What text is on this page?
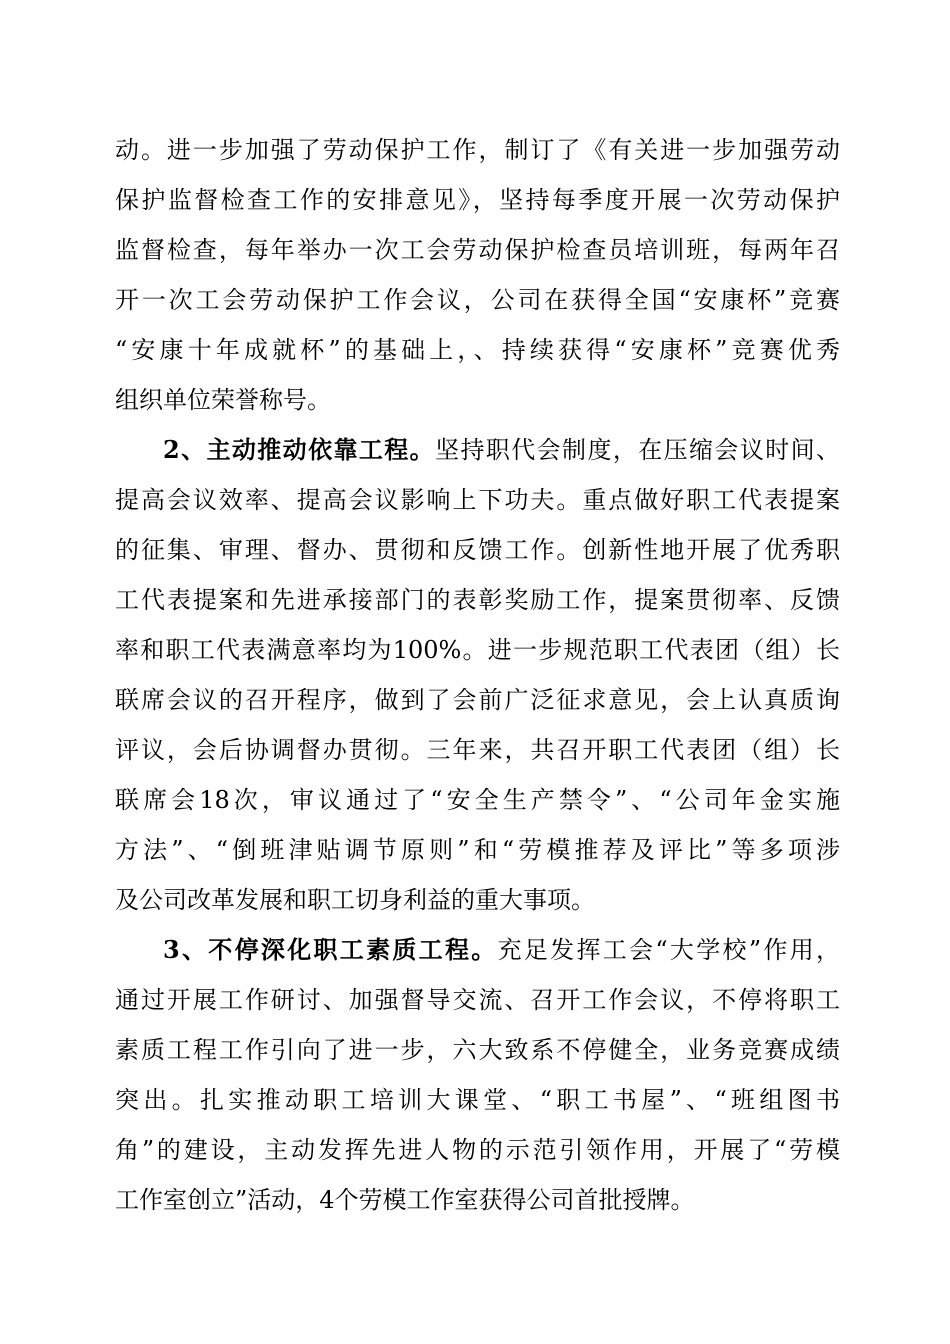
动。进一步加强了劳动保护工作，制订了《有关进一步加强劳动
保护监督检查工作的安排意见》，坚持每季度开展一次劳动保护
监督检查，每年举办一次工会劳动保护检查员培训班，每两年召
开一次工会劳动保护工作会议，公司在获得全国“安康杯”竞赛
“安康十年成就杯”的基础上，、持续获得“安康杯”竞赛优秀
组织单位荣誉称号。
2、主动推动依靠工程。坚持职代会制度，在压缩会议时间、
提高会议效率、提高会议影响上下功夫。重点做好职工代表提案
的征集、审理、督办、贯彻和反馈工作。创新性地开展了优秀职
工代表提案和先进承接部门的表彰奖励工作，提案贯彻率、反馈
率和职工代表满意率均为100%。进一步规范职工代表团（组）长
联席会议的召开程序，做到了会前广泛征求意见，会上认真质询
评议，会后协调督办贯彻。三年来，共召开职工代表团（组）长
联席会18次，审议通过了“安全生产禁令”、“公司年金实施
方法”、“倒班津贴调节原则”和“劳模推荐及评比”等多项涉
及公司改革发展和职工切身利益的重大事项。
3、不停深化职工素质工程。充足发挥工会“大学校”作用，
通过开展工作研讨、加强督导交流、召开工作会议，不停将职工
素质工程工作引向了进一步，六大致系不停健全，业务竞赛成绩
突出。扎实推动职工培训大课堂、“职工书屋”、“班组图书
角”的建设，主动发挥先进人物的示范引领作用，开展了“劳模
工作室创立”活动，4个劳模工作室获得公司首批授牌。
